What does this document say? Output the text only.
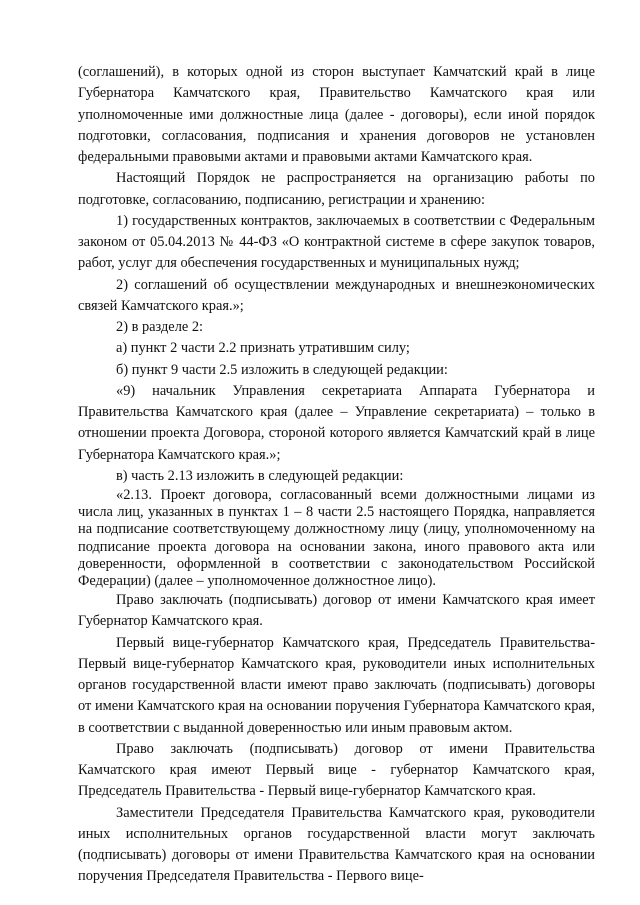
(соглашений), в которых одной из сторон выступает Камчатский край в лице Губернатора Камчатского края, Правительство Камчатского края или уполномоченные ими должностные лица (далее - договоры), если иной порядок подготовки, согласования, подписания и хранения договоров не установлен федеральными правовыми актами и правовыми актами Камчатского края.

Настоящий Порядок не распространяется на организацию работы по подготовке, согласованию, подписанию, регистрации и хранению:

1) государственных контрактов, заключаемых в соответствии с Федеральным законом от 05.04.2013 № 44-ФЗ «О контрактной системе в сфере закупок товаров, работ, услуг для обеспечения государственных и муниципальных нужд;

2) соглашений об осуществлении международных и внешнеэкономических связей Камчатского края.»;

2) в разделе 2:

а) пункт 2 части 2.2 признать утратившим силу;

б) пункт 9 части 2.5 изложить в следующей редакции:

«9) начальник Управления секретариата Аппарата Губернатора и Правительства Камчатского края (далее – Управление секретариата) – только в отношении проекта Договора, стороной которого является Камчатский край в лице Губернатора Камчатского края.»;

в) часть 2.13 изложить в следующей редакции:

«2.13. Проект договора, согласованный всеми должностными лицами из числа лиц, указанных в пунктах 1 – 8 части 2.5 настоящего Порядка, направляется на подписание соответствующему должностному лицу (лицу, уполномоченному на подписание проекта договора на основании закона, иного правового акта или доверенности, оформленной в соответствии с законодательством Российской Федерации) (далее – уполномоченное должностное лицо).

Право заключать (подписывать) договор от имени Камчатского края имеет Губернатор Камчатского края.

Первый вице-губернатор Камчатского края, Председатель Правительства-Первый вице-губернатор Камчатского края, руководители иных исполнительных органов государственной власти имеют право заключать (подписывать) договоры от имени Камчатского края на основании поручения Губернатора Камчатского края, в соответствии с выданной доверенностью или иным правовым актом.

Право заключать (подписывать) договор от имени Правительства Камчатского края имеют Первый вице - губернатор Камчатского края, Председатель Правительства - Первый вице-губернатор Камчатского края.

Заместители Председателя Правительства Камчатского края, руководители иных исполнительных органов государственной власти могут заключать (подписывать) договоры от имени Правительства Камчатского края на основании поручения Председателя Правительства - Первого вице-
